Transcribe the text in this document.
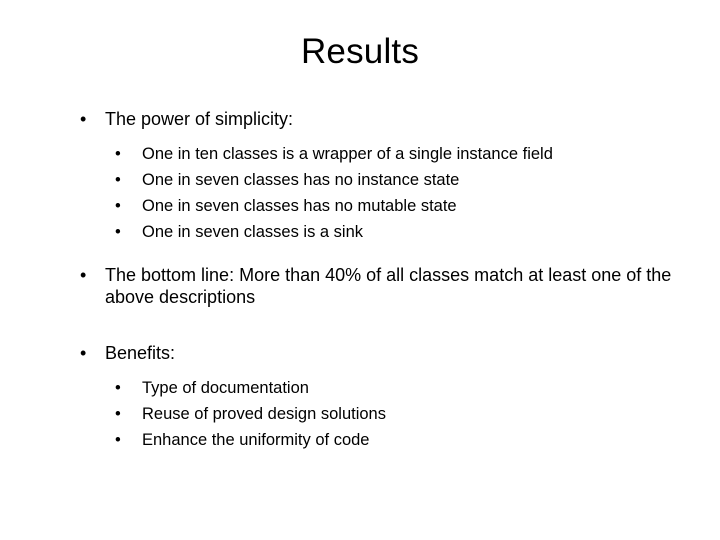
Results
• The power of simplicity:
• One in ten classes is a wrapper of a single instance field
• One in seven classes has no instance state
• One in seven classes has no mutable state
• One in seven classes is a sink
• The bottom line: More than 40% of all classes match at least one of the above descriptions
• Benefits:
• Type of documentation
• Reuse of proved design solutions
• Enhance the uniformity of code
